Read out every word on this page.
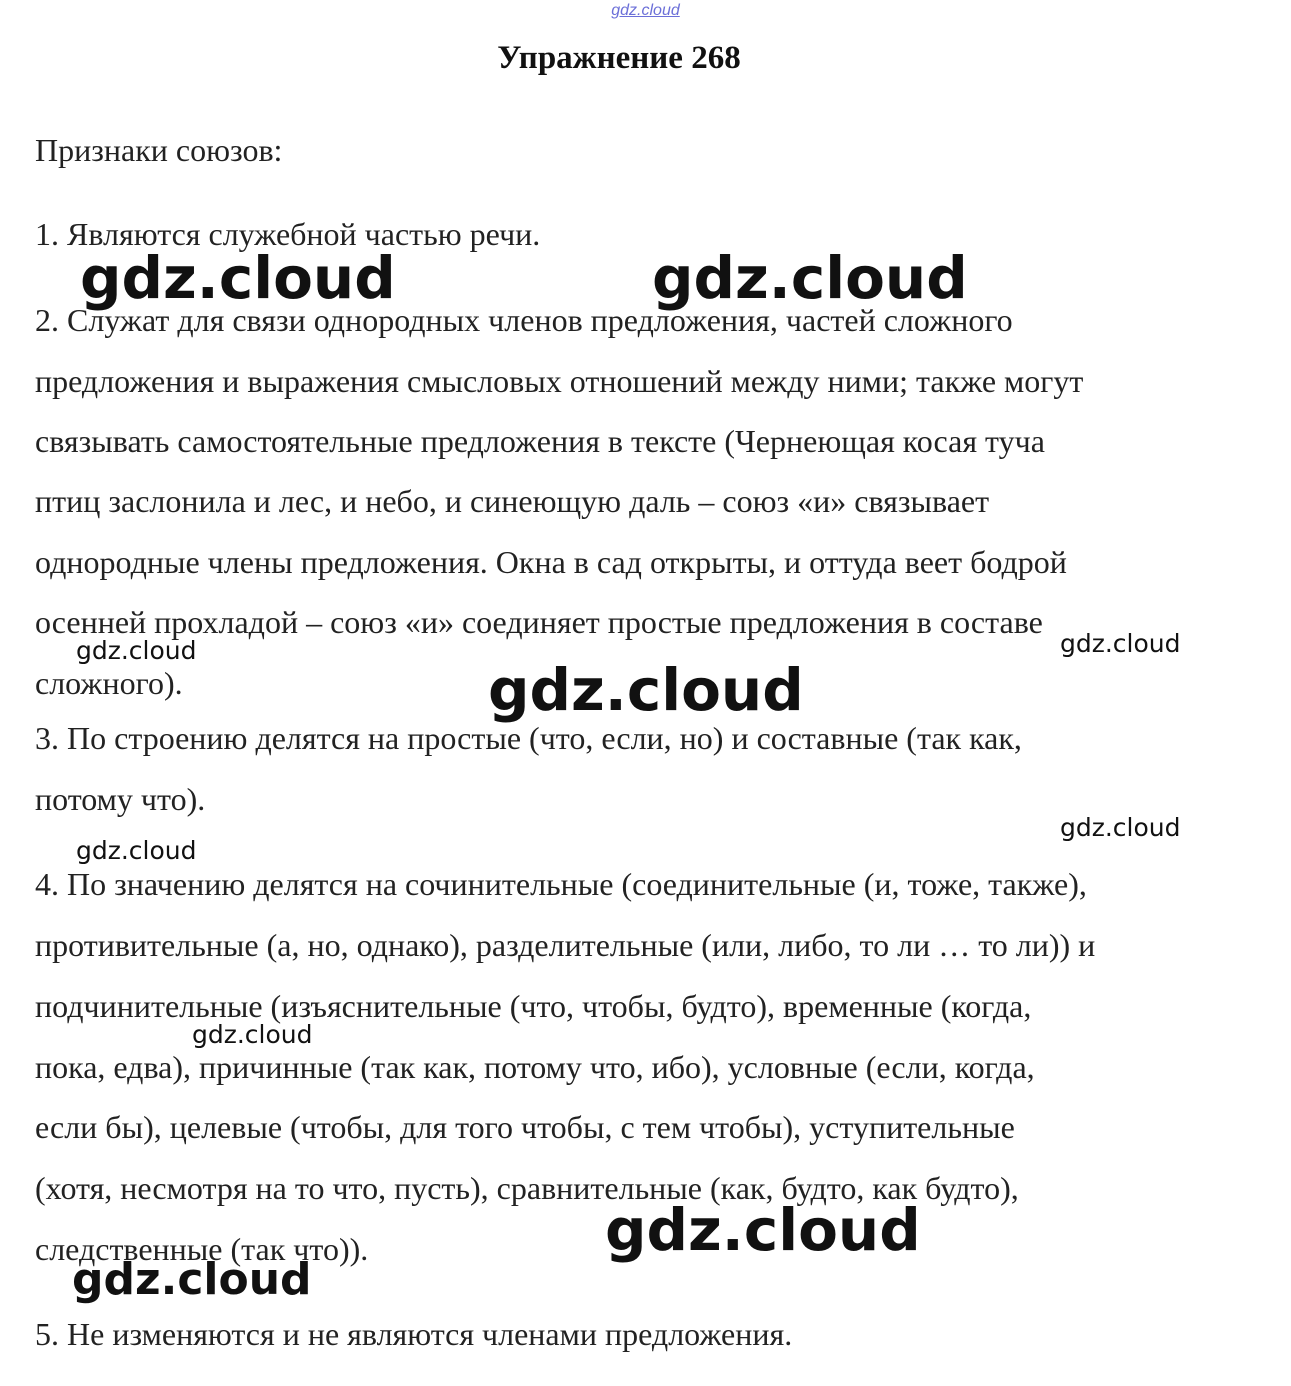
gdz.cloud
Упражнение 268
Признаки союзов:
1. Являются служебной частью речи.
2. Служат для связи однородных членов предложения, частей сложного
предложения и выражения смысловых отношений между ними; также могут
связывать самостоятельные предложения в тексте (Чернеющая косая туча
птиц заслонила и лес, и небо, и синеющую даль – союз «и» связывает
однородные члены предложения. Окна в сад открыты, и оттуда веет бодрой
осенней прохладой – союз «и» соединяет простые предложения в составе
сложного).
3. По строению делятся на простые (что, если, но) и составные (так как,
потому что).
4. По значению делятся на сочинительные (соединительные (и, тоже, также),
противительные (а, но, однако), разделительные (или, либо, то ли … то ли)) и
подчинительные (изъяснительные (что, чтобы, будто), временные (когда,
пока, едва), причинные (так как, потому что, ибо), условные (если, когда,
если бы), целевые (чтобы, для того чтобы, с тем чтобы), уступительные
(хотя, несмотря на то что, пусть), сравнительные (как, будто, как будто),
следственные (так что)).
5. Не изменяются и не являются членами предложения.
gdz.cloud	gdz.cloud
gdz.cloud	gdz.cloud
gdz.cloud
gdz.cloud
gdz.cloud
gdz.cloud
gdz.cloud
gdz.cloud
